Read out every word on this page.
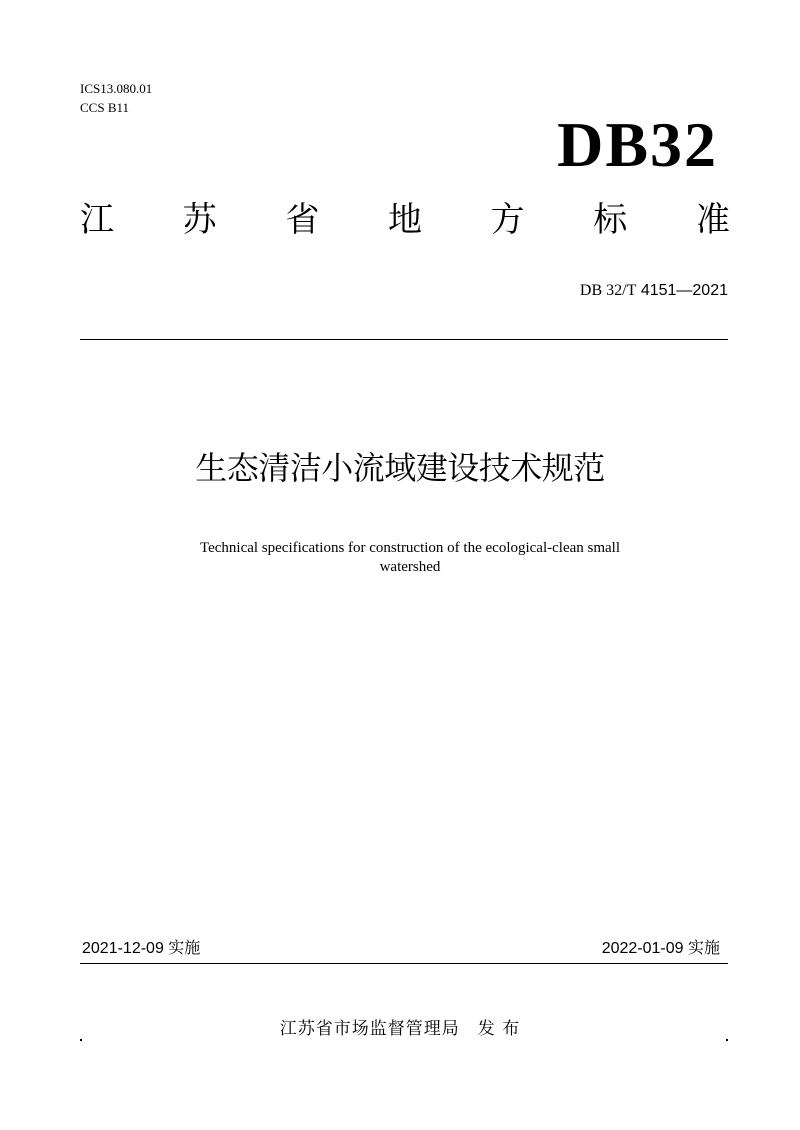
ICS13.080.01
CCS B11
DB32
江 苏 省 地 方 标 准
DB 32/T 4151—2021
生态清洁小流域建设技术规范
Technical specifications for construction of the ecological-clean small
watershed
2021-12-09 实施	2022-01-09 实施
江苏省市场监督管理局 发 布
